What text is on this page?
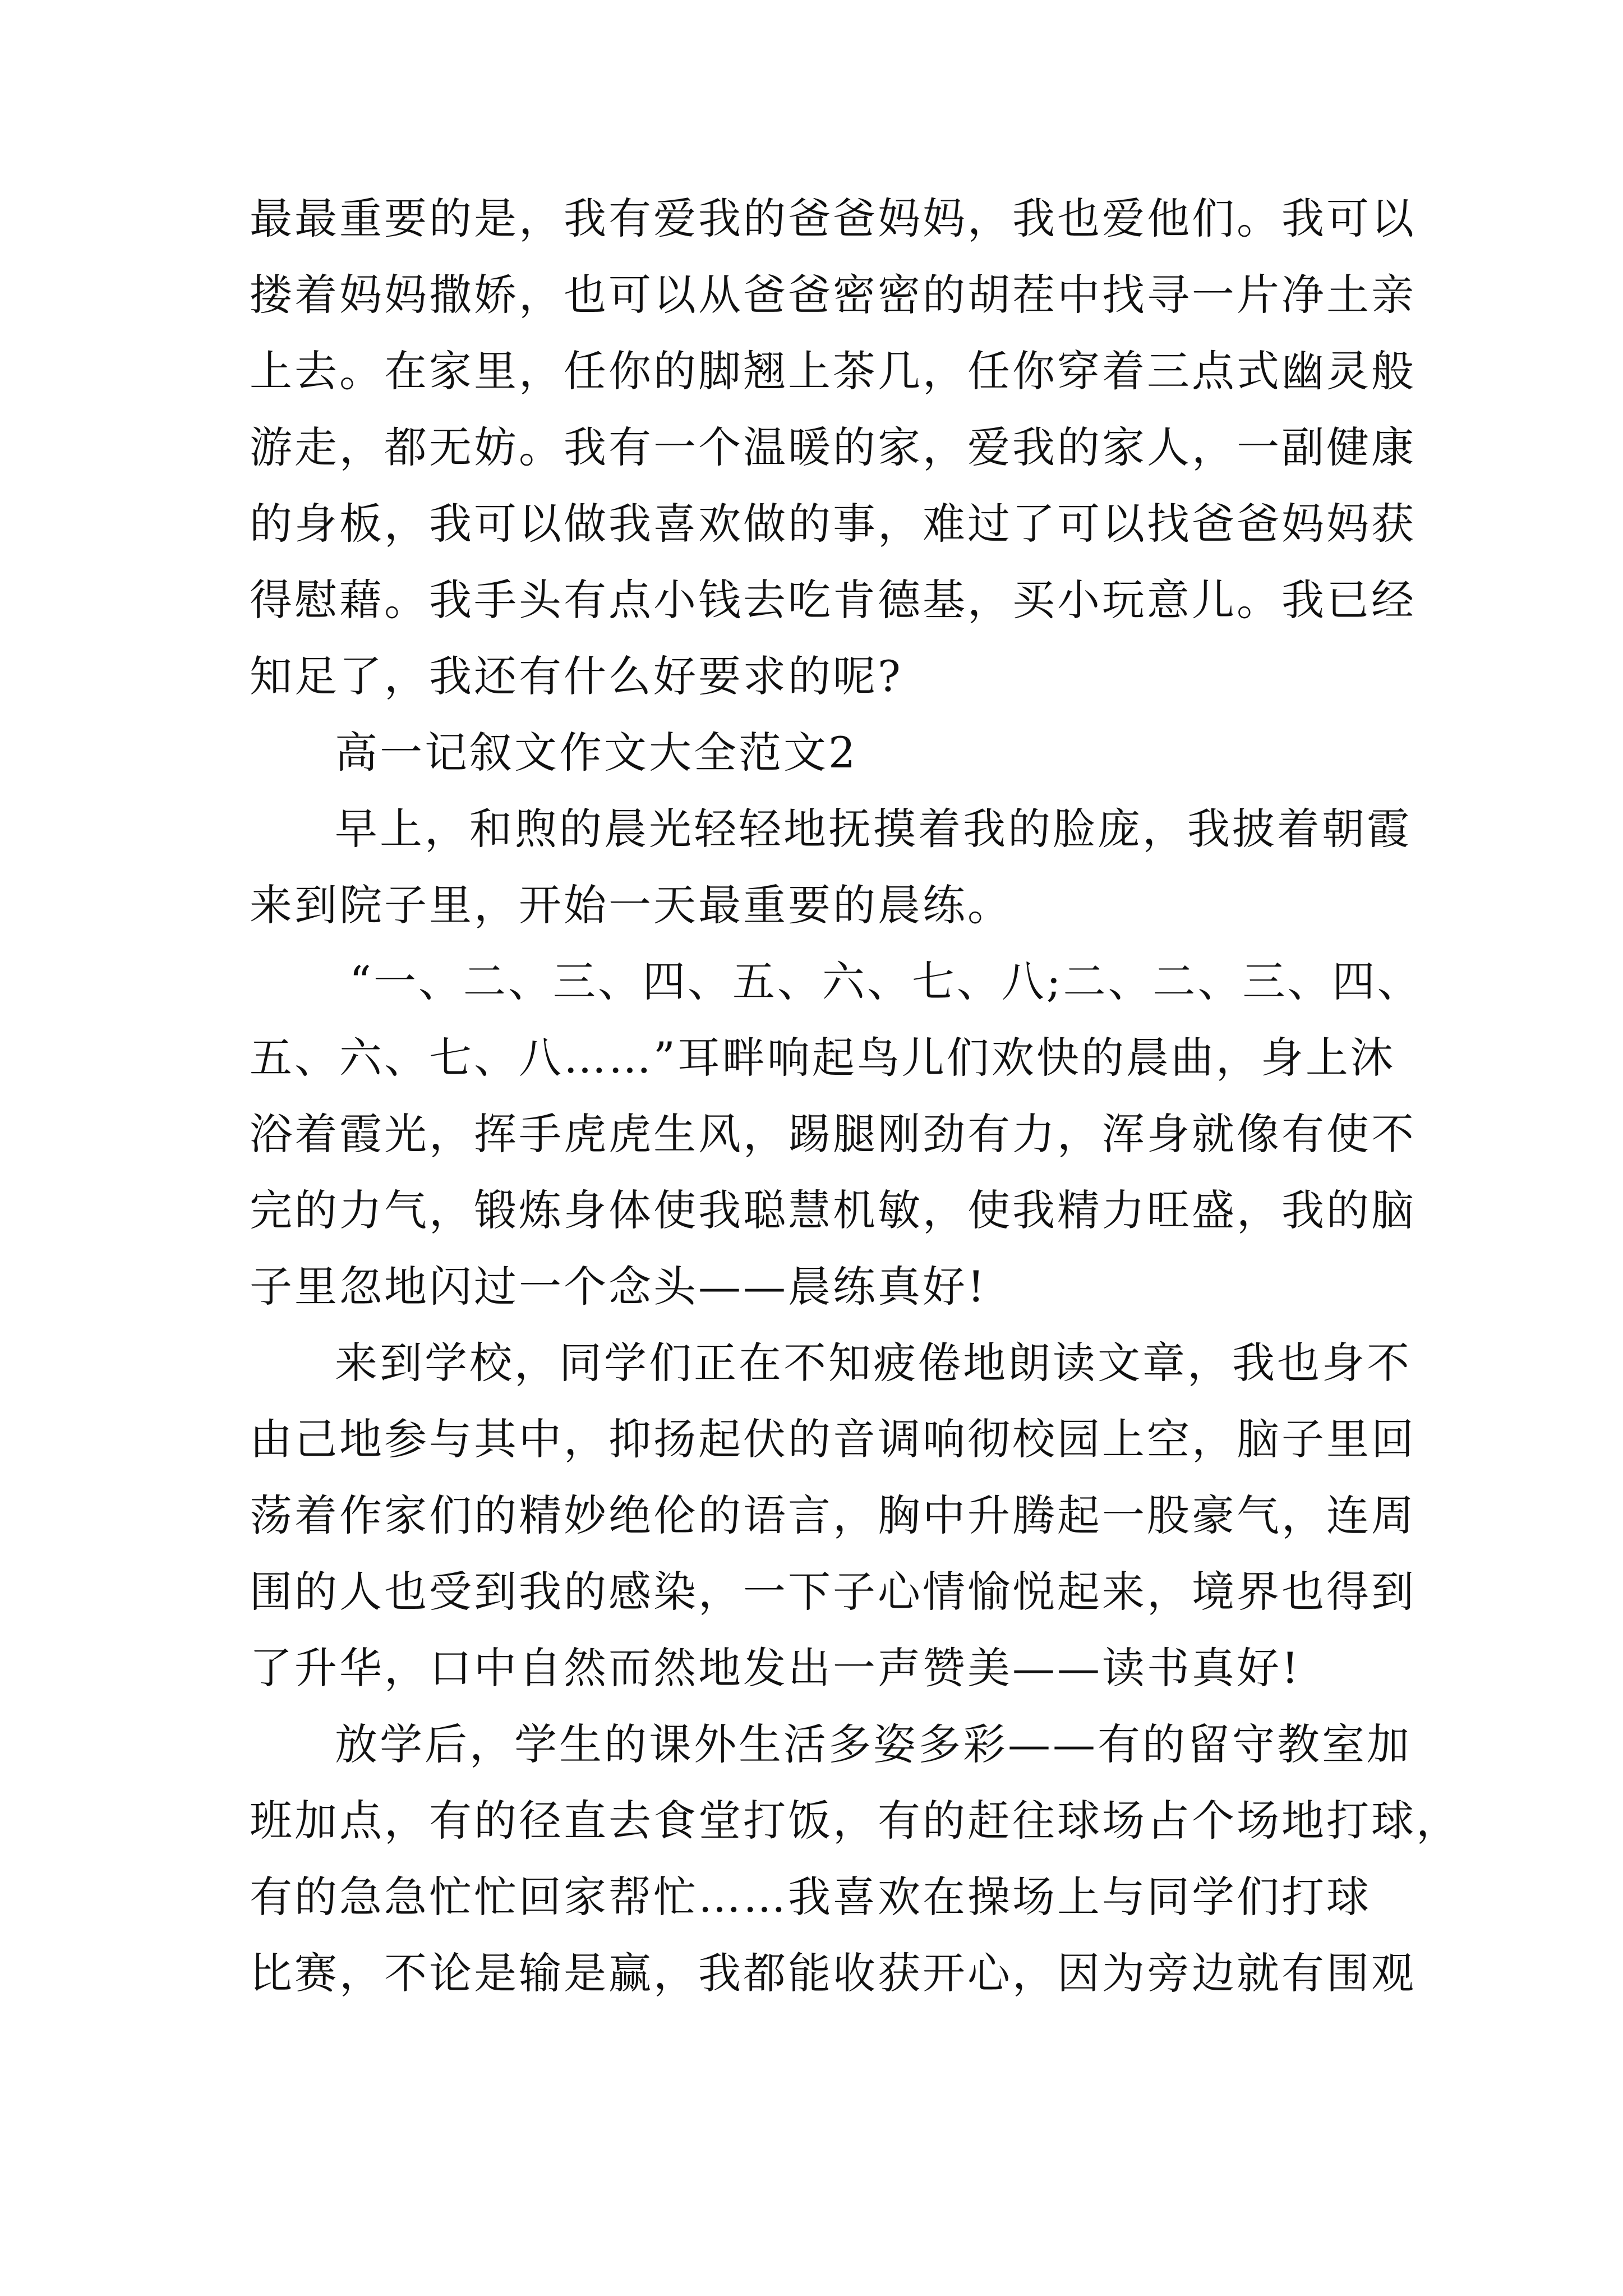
最最重要的是，我有爱我的爸爸妈妈，我也爱他们。我可以
搂着妈妈撒娇，也可以从爸爸密密的胡茬中找寻一片净土亲
上去。在家里，任你的脚翘上茶几，任你穿着三点式幽灵般
游走，都无妨。我有一个温暖的家，爱我的家人，一副健康
的身板，我可以做我喜欢做的事，难过了可以找爸爸妈妈获
得慰藉。我手头有点小钱去吃肯德基，买小玩意儿。我已经
知足了，我还有什么好要求的呢?
高一记叙文作文大全范文2
早上，和煦的晨光轻轻地抚摸着我的脸庞，我披着朝霞
来到院子里，开始一天最重要的晨练。
“一、二、三、四、五、六、七、八;二、二、三、四、
五、六、七、八……”耳畔响起鸟儿们欢快的晨曲，身上沐
浴着霞光，挥手虎虎生风，踢腿刚劲有力，浑身就像有使不
完的力气，锻炼身体使我聪慧机敏，使我精力旺盛，我的脑
子里忽地闪过一个念头——晨练真好!
来到学校，同学们正在不知疲倦地朗读文章，我也身不
由己地参与其中，抑扬起伏的音调响彻校园上空，脑子里回
荡着作家们的精妙绝伦的语言，胸中升腾起一股豪气，连周
围的人也受到我的感染，一下子心情愉悦起来，境界也得到
了升华，口中自然而然地发出一声赞美——读书真好!
放学后，学生的课外生活多姿多彩——有的留守教室加
班加点，有的径直去食堂打饭，有的赶往球场占个场地打球，
有的急急忙忙回家帮忙……我喜欢在操场上与同学们打球
比赛，不论是输是赢，我都能收获开心，因为旁边就有围观
